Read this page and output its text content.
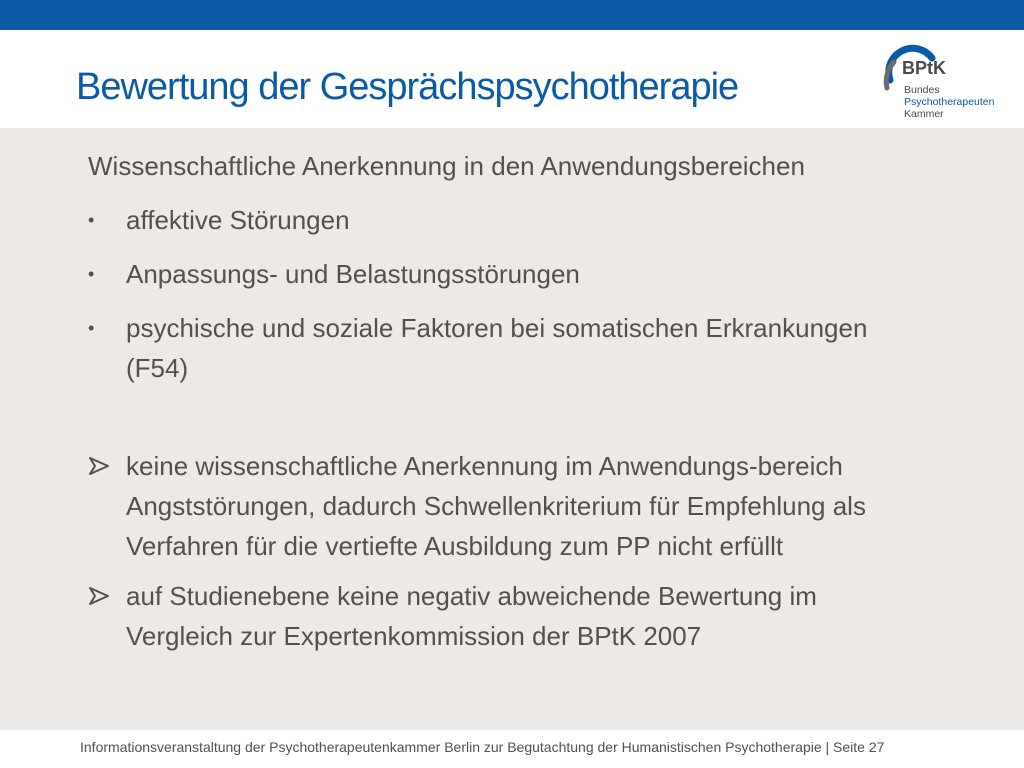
Bewertung der Gesprächspsychotherapie	BPtK
Bundes
Psychotherapeuten
Kammer

Wissenschaftliche Anerkennung in den Anwendungsbereichen

•	affektive Störungen
•	Anpassungs- und Belastungsstörungen
•	psychische und soziale Faktoren bei somatischen Erkrankungen (F54)
keine wissenschaftliche Anerkennung im Anwendungs-bereich Angststörungen, dadurch Schwellenkriterium für Empfehlung als Verfahren für die vertiefte Ausbildung zum PP nicht erfüllt
auf Studienebene keine negativ abweichende Bewertung im Vergleich zur Expertenkommission der BPtK 2007
Informationsveranstaltung der Psychotherapeutenkammer Berlin zur Begutachtung der Humanistischen Psychotherapie | Seite 27
